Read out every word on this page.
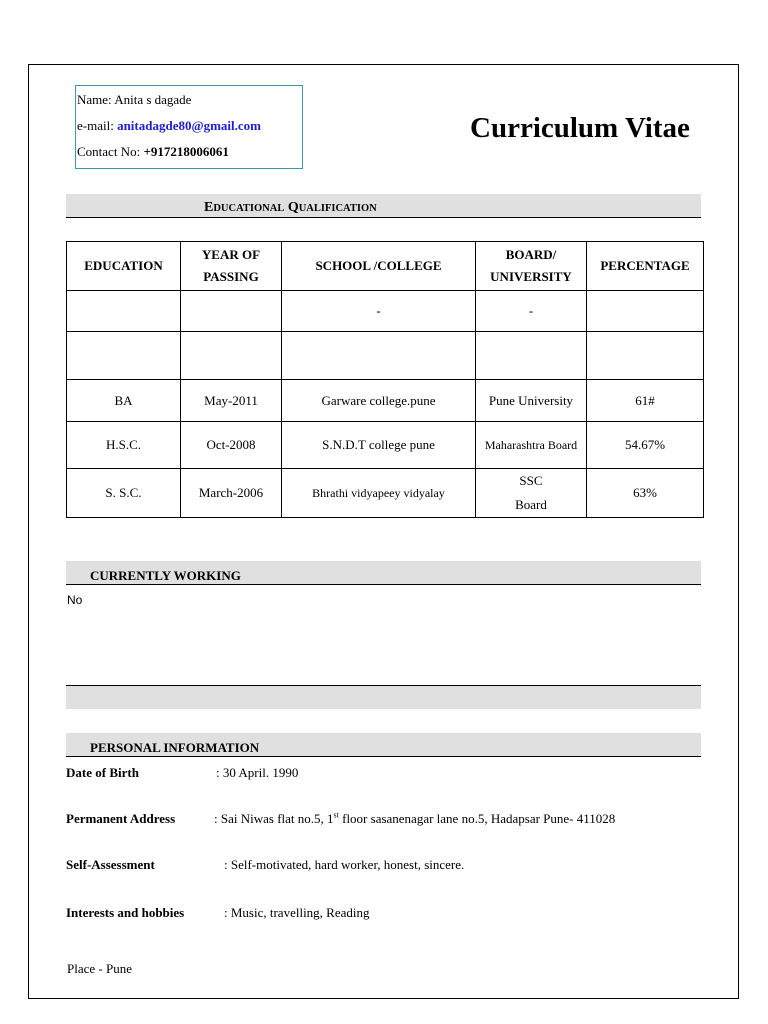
Name: Anita s dagade
e-mail: anitadagde80@gmail.com
Contact No: +917218006061
Curriculum Vitae
EDUCATIONAL QUALIFICATION
EDUCATION	YEAR OF PASSING	SCHOOL /COLLEGE	BOARD/ UNIVERSITY	PERCENTAGE
		-	-	

BA	May-2011	Garware college.pune	Pune University	61#
H.S.C.	Oct-2008	S.N.D.T college pune	Maharashtra Board	54.67%
S. S.C.	March-2006	Bhrathi vidyapeey vidyalay	SSC Board	63%
CURRENTLY WORKING
No
PERSONAL INFORMATION
Date of Birth	: 30 April. 1990
Permanent Address	: Sai Niwas flat no.5, 1st floor sasanenagar lane no.5, Hadapsar Pune- 411028
Self-Assessment	: Self-motivated, hard worker, honest, sincere.
Interests and hobbies	: Music, travelling, Reading
Place - Pune
